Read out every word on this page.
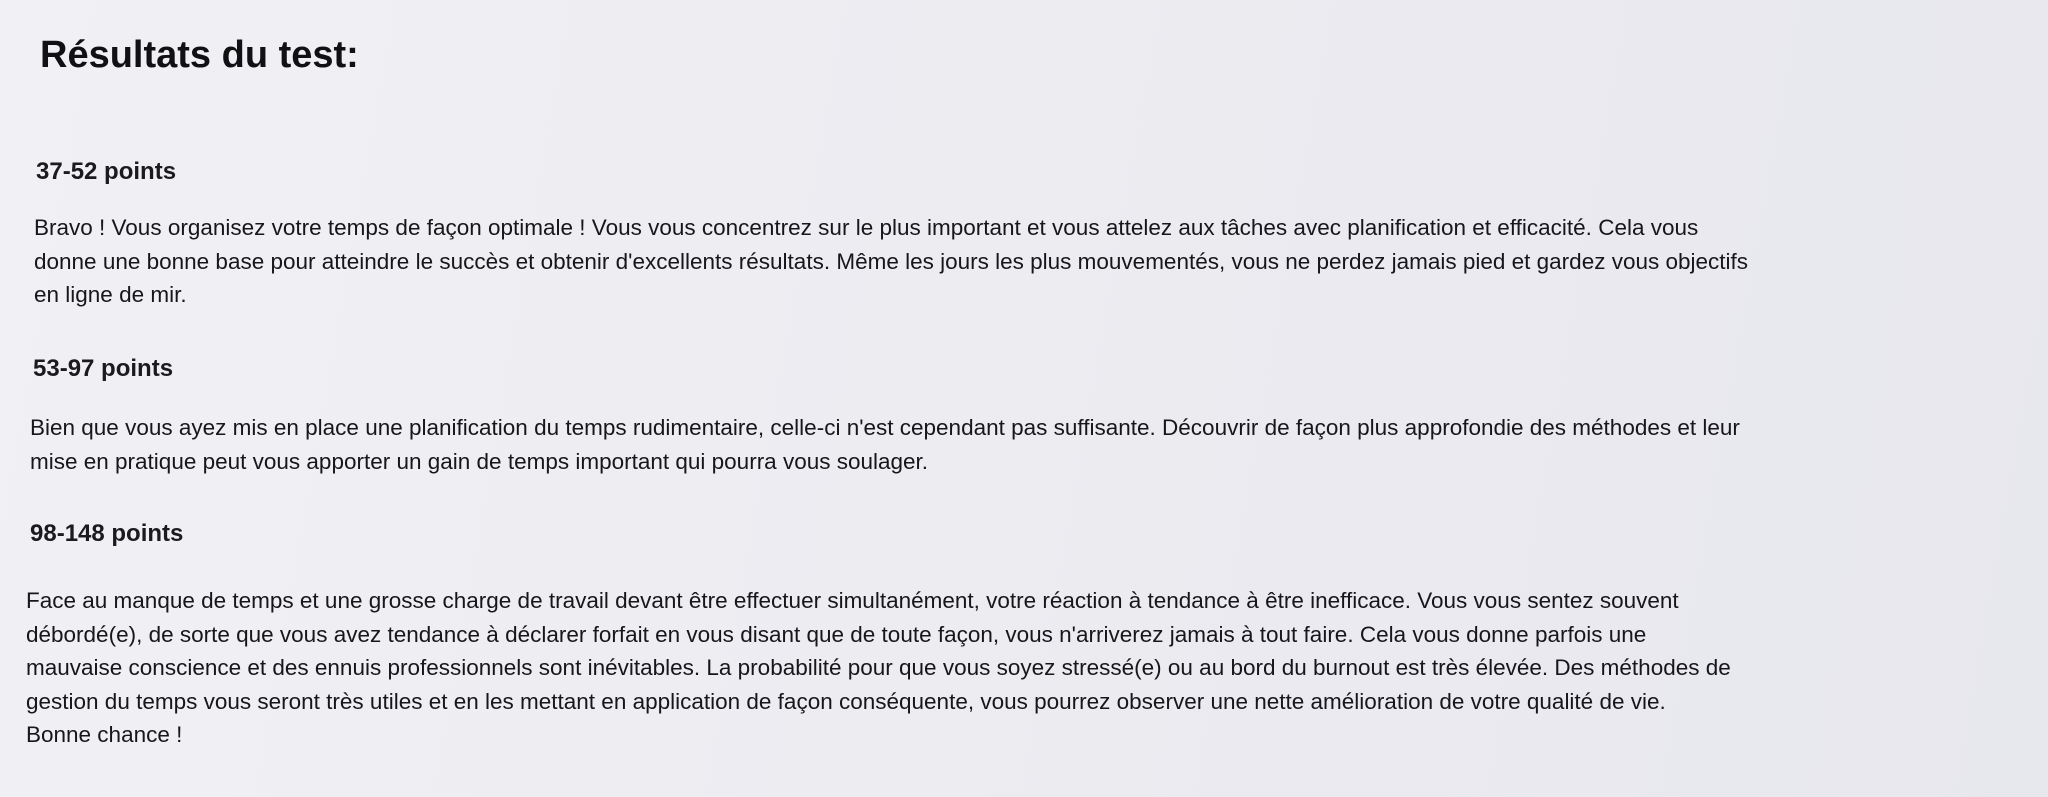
Résultats du test:
37-52 points
Bravo ! Vous organisez votre temps de façon optimale ! Vous vous concentrez sur le plus important et vous attelez aux tâches avec planification et efficacité. Cela vous
donne une bonne base pour atteindre le succès et obtenir d'excellents résultats. Même les jours les plus mouvementés, vous ne perdez jamais pied et gardez vous objectifs
en ligne de mir.
53-97 points
Bien que vous ayez mis en place une planification du temps rudimentaire, celle-ci n'est cependant pas suffisante. Découvrir de façon plus approfondie des méthodes et leur
mise en pratique peut vous apporter un gain de temps important qui pourra vous soulager.
98-148 points
Face au manque de temps et une grosse charge de travail devant être effectuer simultanément, votre réaction à tendance à être inefficace. Vous vous sentez souvent
débordé(e), de sorte que vous avez tendance à déclarer forfait en vous disant que de toute façon, vous n'arriverez jamais à tout faire. Cela vous donne parfois une
mauvaise conscience et des ennuis professionnels sont inévitables. La probabilité pour que vous soyez stressé(e) ou au bord du burnout est très élevée. Des méthodes de
gestion du temps vous seront très utiles et en les mettant en application de façon conséquente, vous pourrez observer une nette amélioration de votre qualité de vie.
Bonne chance !
